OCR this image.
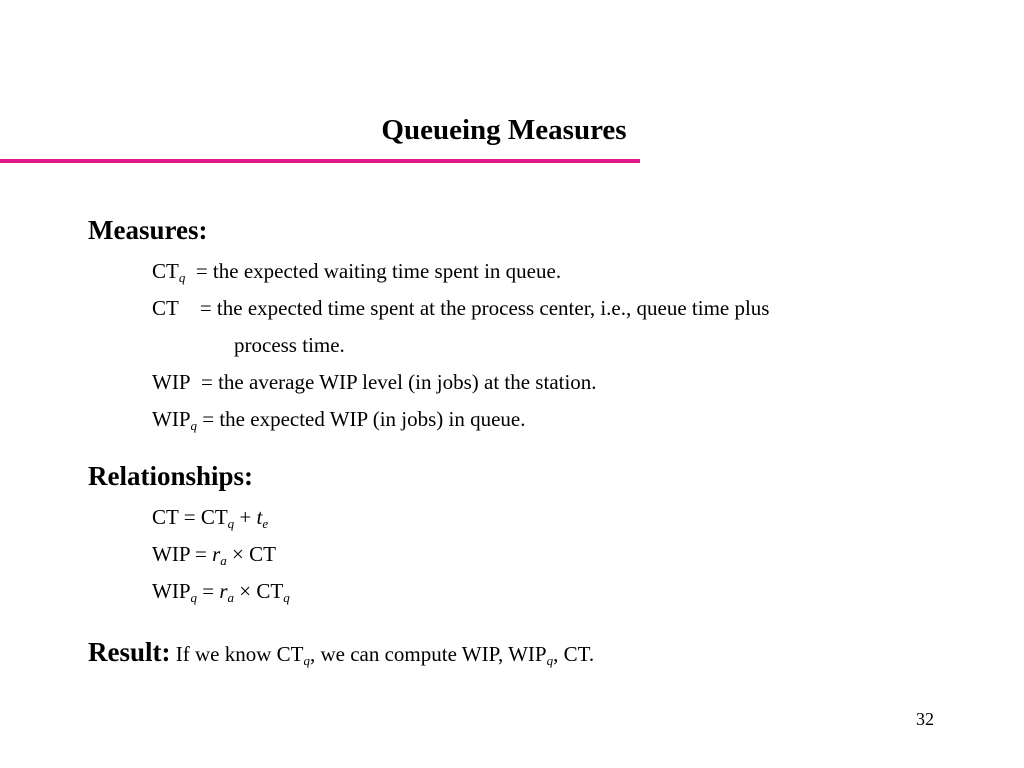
Queueing Measures
Measures:
$CT_q$  = the expected waiting time spent in queue.
CT    = the expected time spent at the process center, i.e., queue time plus
process time.
WIP  = the average WIP level (in jobs) at the station.
$WIP_q$ = the expected WIP (in jobs) in queue.
Relationships:
CT = $CT_q + t_e$
WIP = $r_a$ × CT
$WIP_q = r_a \times CT_q$
Result: If we know $CT_q$, we can compute WIP, $WIP_q$, CT.
32
